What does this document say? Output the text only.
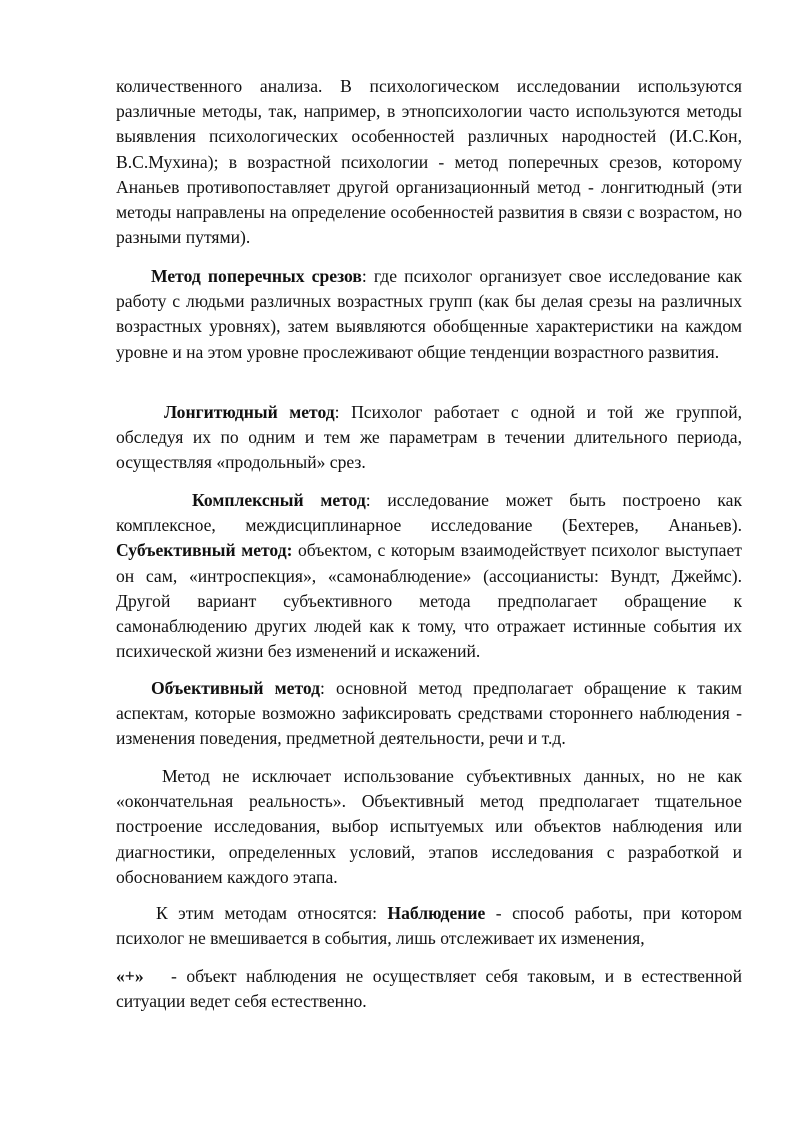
количественного анализа. В психологическом исследовании используются различные методы, так, например, в этнопсихологии часто используются методы выявления психологических особенностей различных народностей (И.С.Кон, В.С.Мухина); в возрастной психологии - метод поперечных срезов, которому Ананьев противопоставляет другой организационный метод - лонгитюдный (эти методы направлены на определение особенностей развития в связи с возрастом, но разными путями).

Метод поперечных срезов: где психолог организует свое исследование как работу с людьми различных возрастных групп (как бы делая срезы на различных возрастных уровнях), затем выявляются обобщенные характеристики на каждом уровне и на этом уровне прослеживают общие тенденции возрастного развития.

Лонгитюдный метод: Психолог работает с одной и той же группой, обследуя их по одним и тем же параметрам в течении длительного периода, осуществляя «продольный» срез.

Комплексный метод: исследование может быть построено как комплексное, междисциплинарное исследование (Бехтерев, Ананьев). Субъективный метод: объектом, с которым взаимодействует психолог выступает он сам, «интроспекция», «самонаблюдение» (ассоцианисты: Вундт, Джеймс). Другой вариант субъективного метода предполагает обращение к самонаблюдению других людей как к тому, что отражает истинные события их психической жизни без изменений и искажений.

Объективный метод: основной метод предполагает обращение к таким аспектам, которые возможно зафиксировать средствами стороннего наблюдения - изменения поведения, предметной деятельности, речи и т.д.

Метод не исключает использование субъективных данных, но не как «окончательная реальность». Объективный метод предполагает тщательное построение исследования, выбор испытуемых или объектов наблюдения или диагностики, определенных условий, этапов исследования с разработкой и обоснованием каждого этапа.

К этим методам относятся: Наблюдение - способ работы, при котором психолог не вмешивается в события, лишь отслеживает их изменения,

«+» - объект наблюдения не осуществляет себя таковым, и в естественной ситуации ведет себя естественно.
